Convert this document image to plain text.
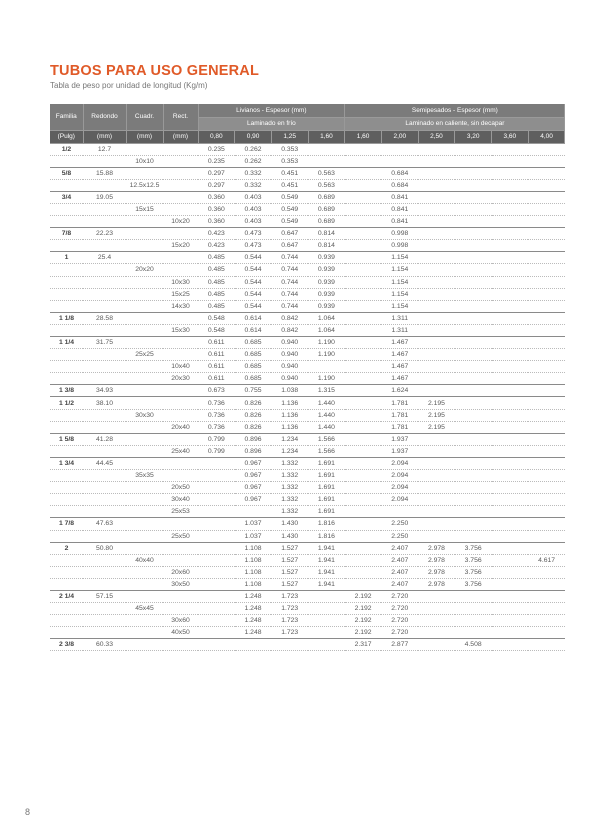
TUBOS PARA USO GENERAL
Tabla de peso por unidad de longitud (Kg/m)
Familia	Redondo	Cuadr.	Rect.	Livianos - Espesor (mm)				Semipesados - Espesor (mm)					
				Laminado en frío				Laminado en caliente, sin decapar					
(Pulg)	(mm)	(mm)	(mm)	0,80	0,90	1,25	1,60	1,60	2,00	2,50	3,20	3,60	4,00
1/2	12.7			0.235	0.262	0.353							
		10x10		0.235	0.262	0.353							
5/8	15.88			0.297	0.332	0.451	0.563		0.684				
		12.5x12.5		0.297	0.332	0.451	0.563		0.684				
3/4	19.05			0.360	0.403	0.549	0.689		0.841				
		15x15		0.360	0.403	0.549	0.689		0.841				
			10x20	0.360	0.403	0.549	0.689		0.841				
7/8	22.23			0.423	0.473	0.647	0.814		0.998				
			15x20	0.423	0.473	0.647	0.814		0.998				
1	25.4			0.485	0.544	0.744	0.939		1.154				
		20x20		0.485	0.544	0.744	0.939		1.154				
			10x30	0.485	0.544	0.744	0.939		1.154				
			15x25	0.485	0.544	0.744	0.939		1.154				
			14x30	0.485	0.544	0.744	0.939		1.154				
1 1/8	28.58			0.548	0.614	0.842	1.064		1.311				
			15x30	0.548	0.614	0.842	1.064		1.311				
1 1/4	31.75			0.611	0.685	0.940	1.190		1.467				
		25x25		0.611	0.685	0.940	1.190		1.467				
			10x40	0.611	0.685	0.940			1.467				
			20x30	0.611	0.685	0.940	1.190		1.467				
1 3/8	34.93			0.673	0.755	1.038	1.315		1.624				
1 1/2	38.10			0.736	0.826	1.136	1.440		1.781	2.195			
		30x30		0.736	0.826	1.136	1.440		1.781	2.195			
			20x40	0.736	0.826	1.136	1.440		1.781	2.195			
1 5/8	41.28			0.799	0.896	1.234	1.566		1.937				
			25x40	0.799	0.896	1.234	1.566		1.937				
1 3/4	44.45				0.967	1.332	1.691		2.094				
		35x35			0.967	1.332	1.691		2.094				
			20x50		0.967	1.332	1.691		2.094				
			30x40		0.967	1.332	1.691		2.094				
			25x53			1.332	1.691						
1 7/8	47.63				1.037	1.430	1.816		2.250				
			25x50		1.037	1.430	1.816		2.250				
2	50.80				1.108	1.527	1.941		2.407	2.978	3.756		
		40x40			1.108	1.527	1.941		2.407	2.978	3.756		4.617
			20x60		1.108	1.527	1.941		2.407	2.978	3.756		
			30x50		1.108	1.527	1.941		2.407	2.978	3.756		
2 1/4	57.15				1.248	1.723		2.192	2.720				
		45x45			1.248	1.723		2.192	2.720				
			30x60		1.248	1.723		2.192	2.720				
			40x50		1.248	1.723		2.192	2.720				
2 3/8	60.33							2.317	2.877		4.508		
8
